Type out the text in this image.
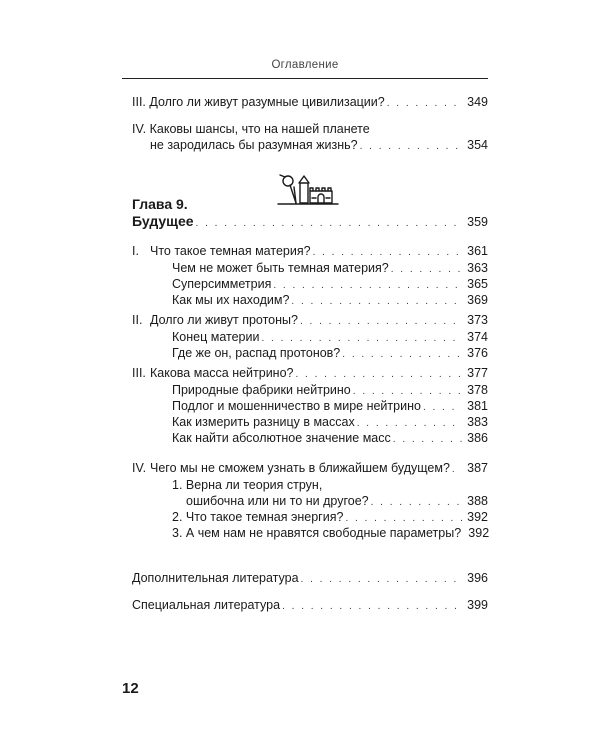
Оглавление
III. Долго ли живут разумные цивилизации? . . .	349
IV. Каковы шансы, что на нашей планете
не зародилась бы разумная жизнь? . . .	354
Глава 9.
Будущее . . .	359
I. Что такое темная материя? . . .	361
Чем не может быть темная материя? . . .	363
Суперсимметрия . . .	365
Как мы их находим? . . .	369
II. Долго ли живут протоны? . . .	373
Конец материи . . .	374
Где же он, распад протонов? . . .	376
III. Какова масса нейтрино? . . .	377
Природные фабрики нейтрино . . .	378
Подлог и мошенничество в мире нейтрино . . .	381
Как измерить разницу в массах . . .	383
Как найти абсолютное значение масс . . .	386
IV. Чего мы не сможем узнать в ближайшем будущем? . . . 387
1. Верна ли теория струн,
ошибочна или ни то ни другое? . . .	388
2. Что такое темная энергия? . . .	392
3. А чем нам не нравятся свободные параметры? 392
Дополнительная литература . . .	396
Специальная литература . . .	399
12
